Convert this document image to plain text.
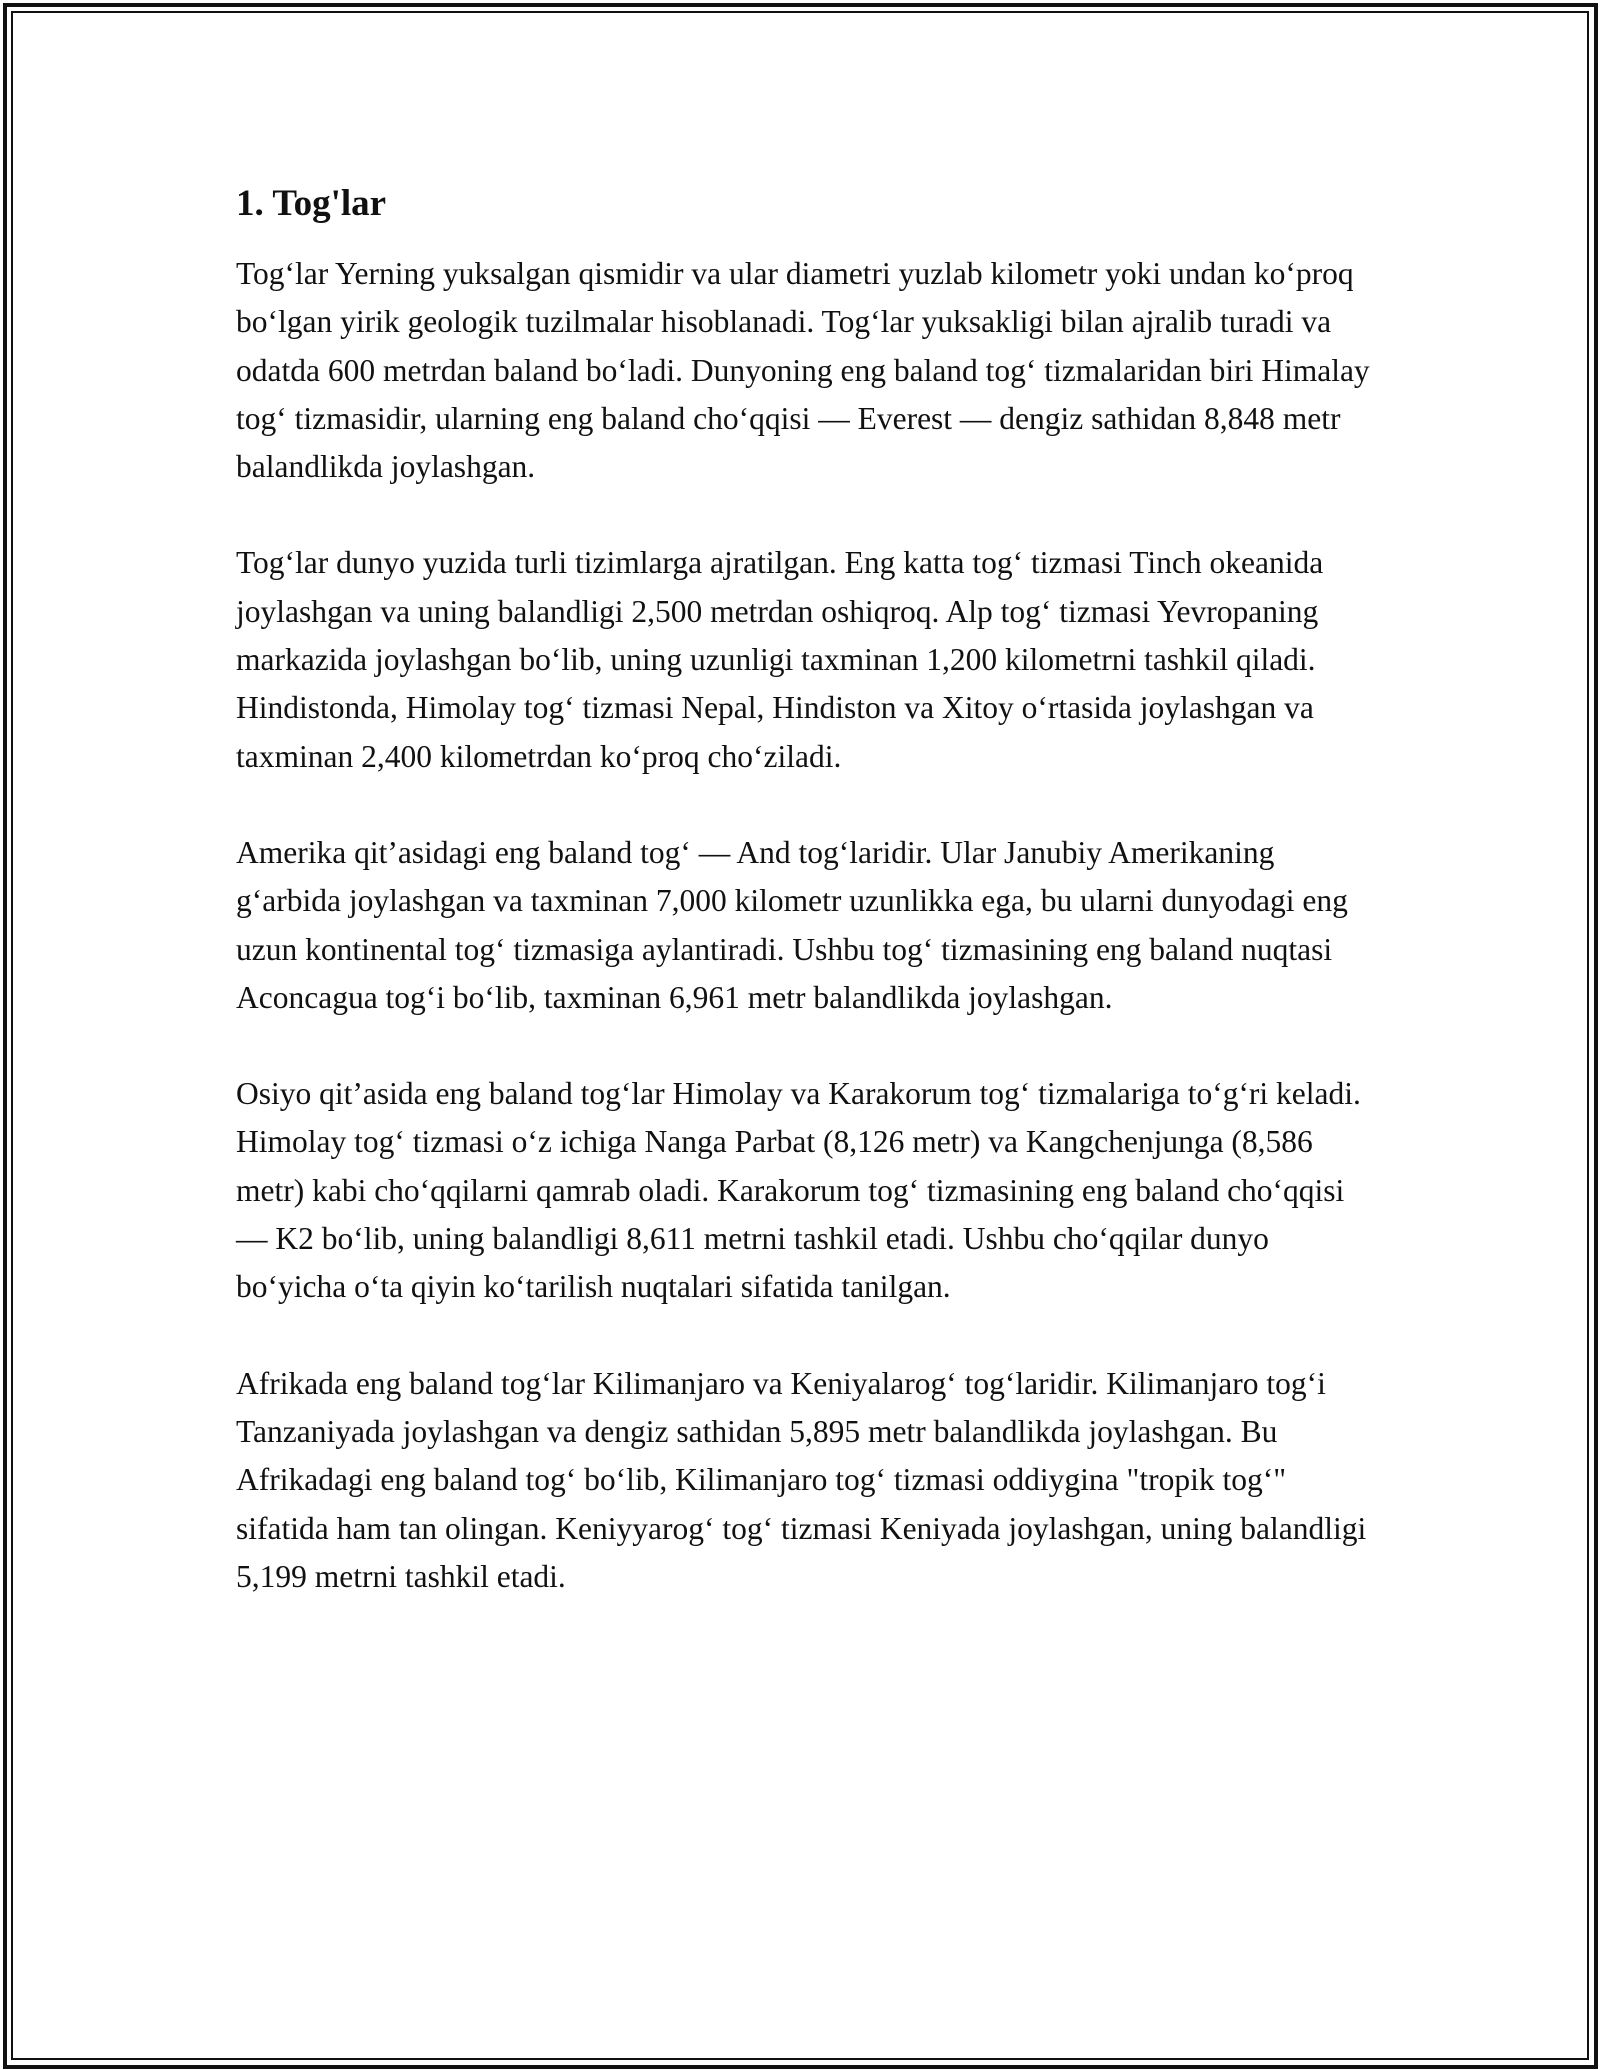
1. Tog'lar

Tog‘lar Yerning yuksalgan qismidir va ular diametri yuzlab kilometr yoki undan ko‘proq bo‘lgan yirik geologik tuzilmalar hisoblanadi. Tog‘lar yuksakligi bilan ajralib turadi va odatda 600 metrdan baland bo‘ladi. Dunyoning eng baland tog‘ tizmalaridan biri Himalay tog‘ tizmasidir, ularning eng baland cho‘qqisi — Everest — dengiz sathidan 8,848 metr balandlikda joylashgan.

Tog‘lar dunyo yuzida turli tizimlarga ajratilgan. Eng katta tog‘ tizmasi Tinch okeanida joylashgan va uning balandligi 2,500 metrdan oshiqroq. Alp tog‘ tizmasi Yevropaning markazida joylashgan bo‘lib, uning uzunligi taxminan 1,200 kilometrni tashkil qiladi. Hindistonda, Himolay tog‘ tizmasi Nepal, Hindiston va Xitoy o‘rtasida joylashgan va taxminan 2,400 kilometrdan ko‘proq cho‘ziladi.

Amerika qit’asidagi eng baland tog‘ — And tog‘laridir. Ular Janubiy Amerikaning g‘arbida joylashgan va taxminan 7,000 kilometr uzunlikka ega, bu ularni dunyodagi eng uzun kontinental tog‘ tizmasiga aylantiradi. Ushbu tog‘ tizmasining eng baland nuqtasi Aconcagua tog‘i bo‘lib, taxminan 6,961 metr balandlikda joylashgan.

Osiyo qit’asida eng baland tog‘lar Himolay va Karakorum tog‘ tizmalariga to‘g‘ri keladi. Himolay tog‘ tizmasi o‘z ichiga Nanga Parbat (8,126 metr) va Kangchenjunga (8,586 metr) kabi cho‘qqilarni qamrab oladi. Karakorum tog‘ tizmasining eng baland cho‘qqisi — K2 bo‘lib, uning balandligi 8,611 metrni tashkil etadi. Ushbu cho‘qqilar dunyo bo‘yicha o‘ta qiyin ko‘tarilish nuqtalari sifatida tanilgan.

Afrikada eng baland tog‘lar Kilimanjaro va Keniyalarog‘ tog‘laridir. Kilimanjaro tog‘i Tanzaniyada joylashgan va dengiz sathidan 5,895 metr balandlikda joylashgan. Bu Afrikadagi eng baland tog‘ bo‘lib, Kilimanjaro tog‘ tizmasi oddiygina "tropik tog‘" sifatida ham tan olingan. Keniyyarog‘ tog‘ tizmasi Keniyada joylashgan, uning balandligi 5,199 metrni tashkil etadi.
